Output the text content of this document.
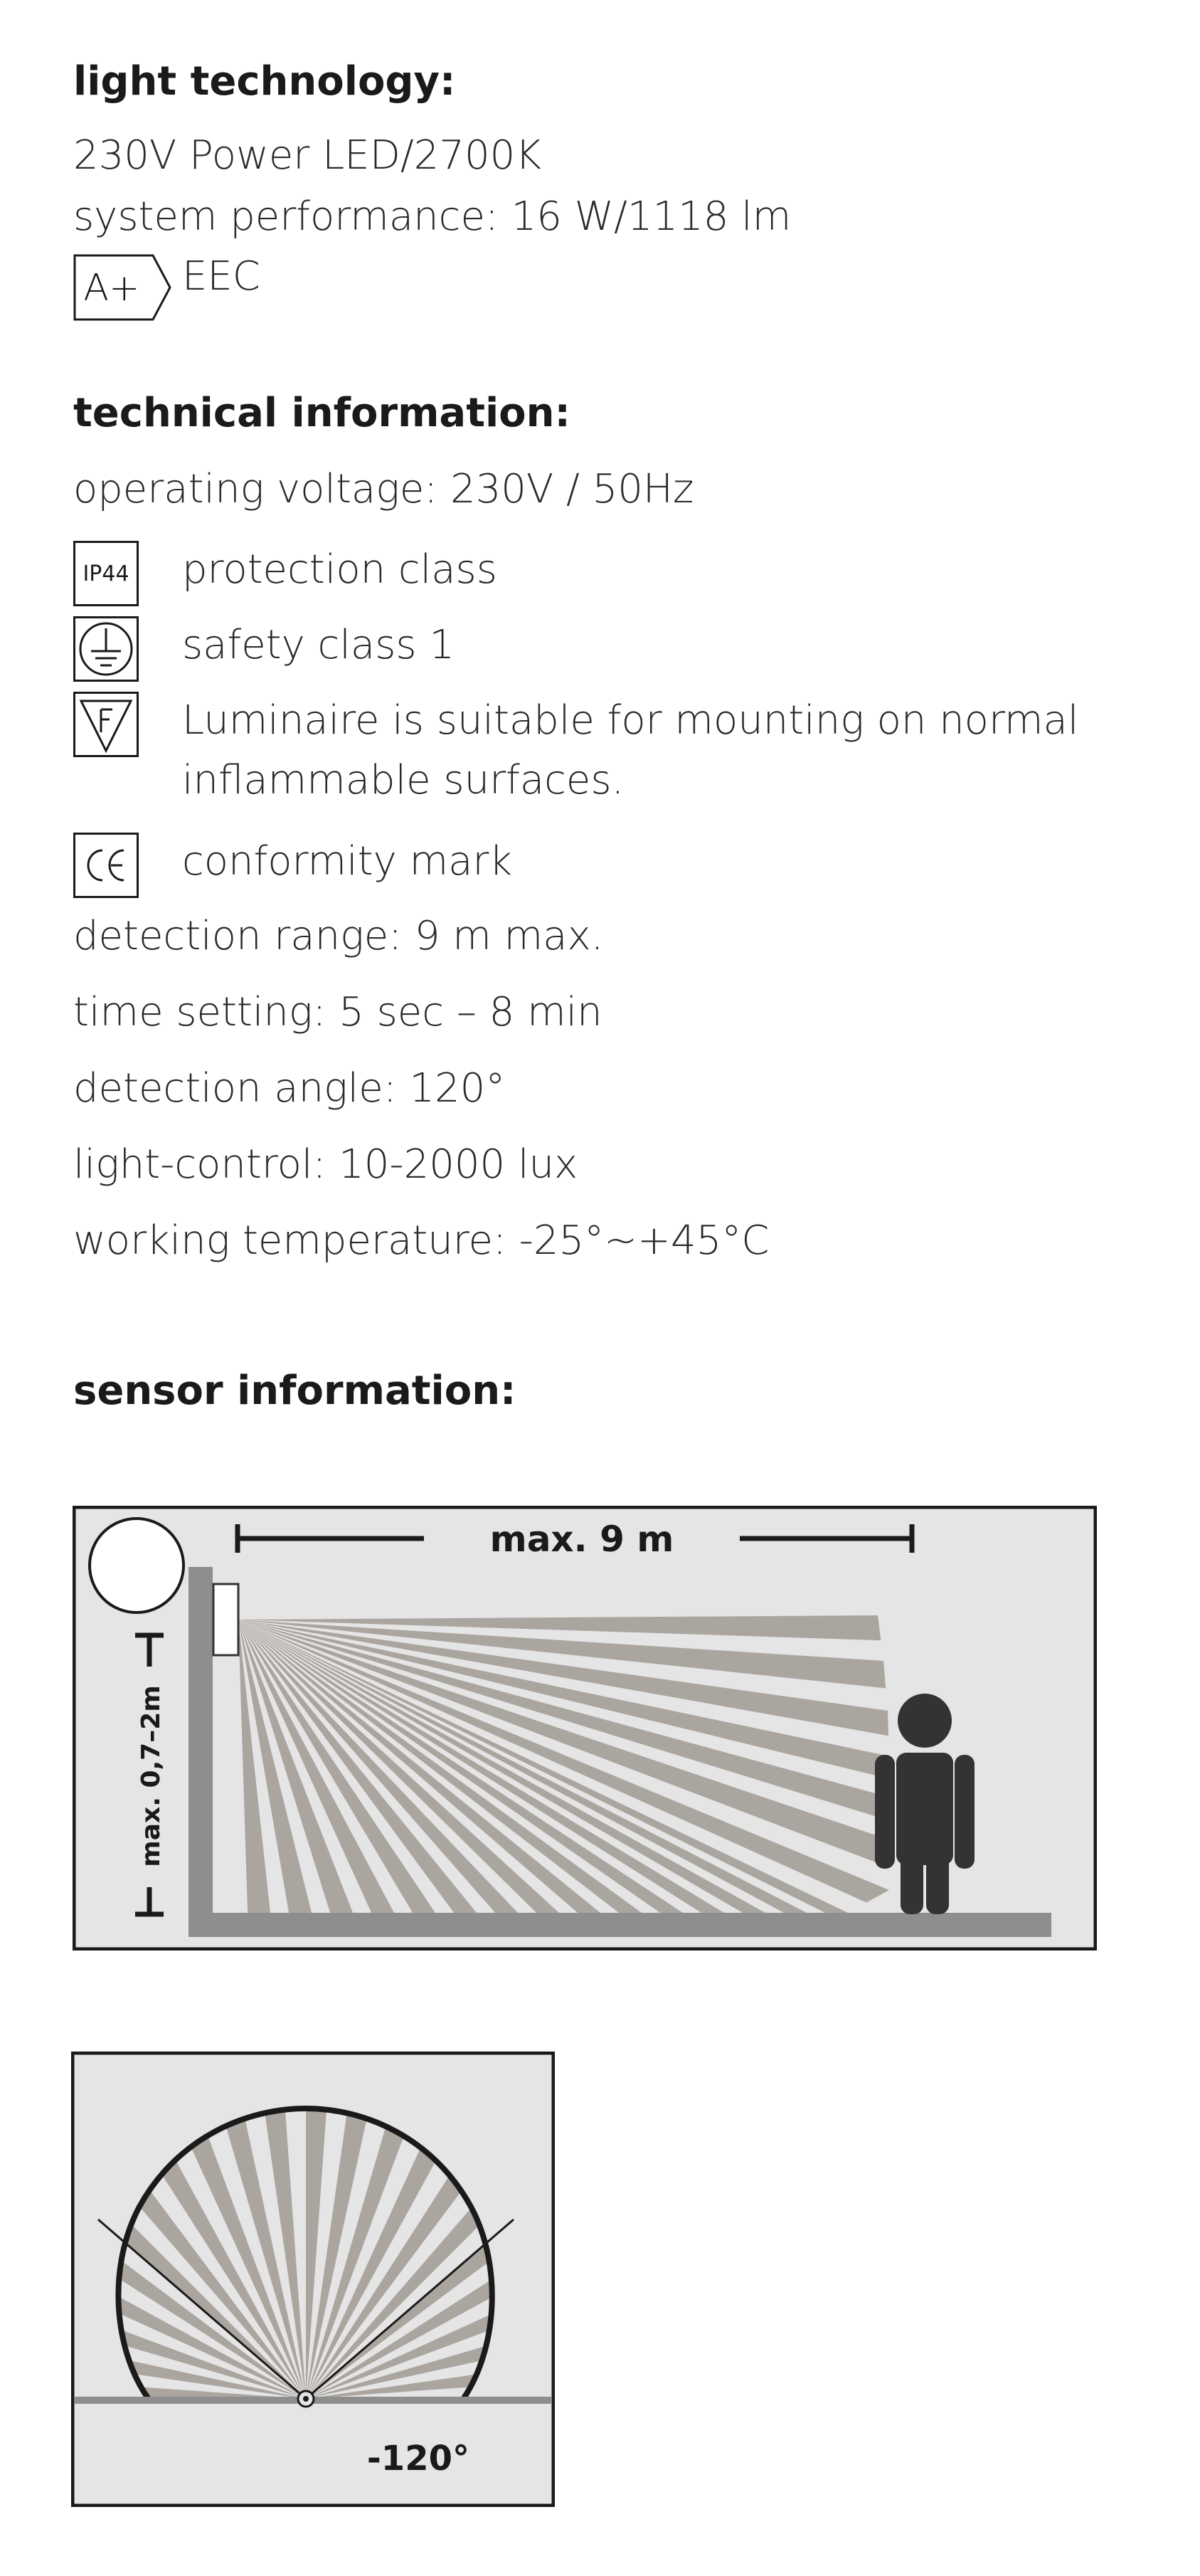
light technology:
230V Power LED/2700K
system performance: 16 W/1118 lm
A+ EEC
technical information:
operating voltage: 230V / 50Hz
IP44 protection class
safety class 1
Luminaire is suitable for mounting on normal
inflammable surfaces.
conformity mark
detection range: 9 m max.
time setting: 5 sec – 8 min
detection angle: 120°
light-control: 10-2000 lux
working temperature: -25°~+45°C
sensor information:
max. 9 m
max. 0,7–2m
-120°
